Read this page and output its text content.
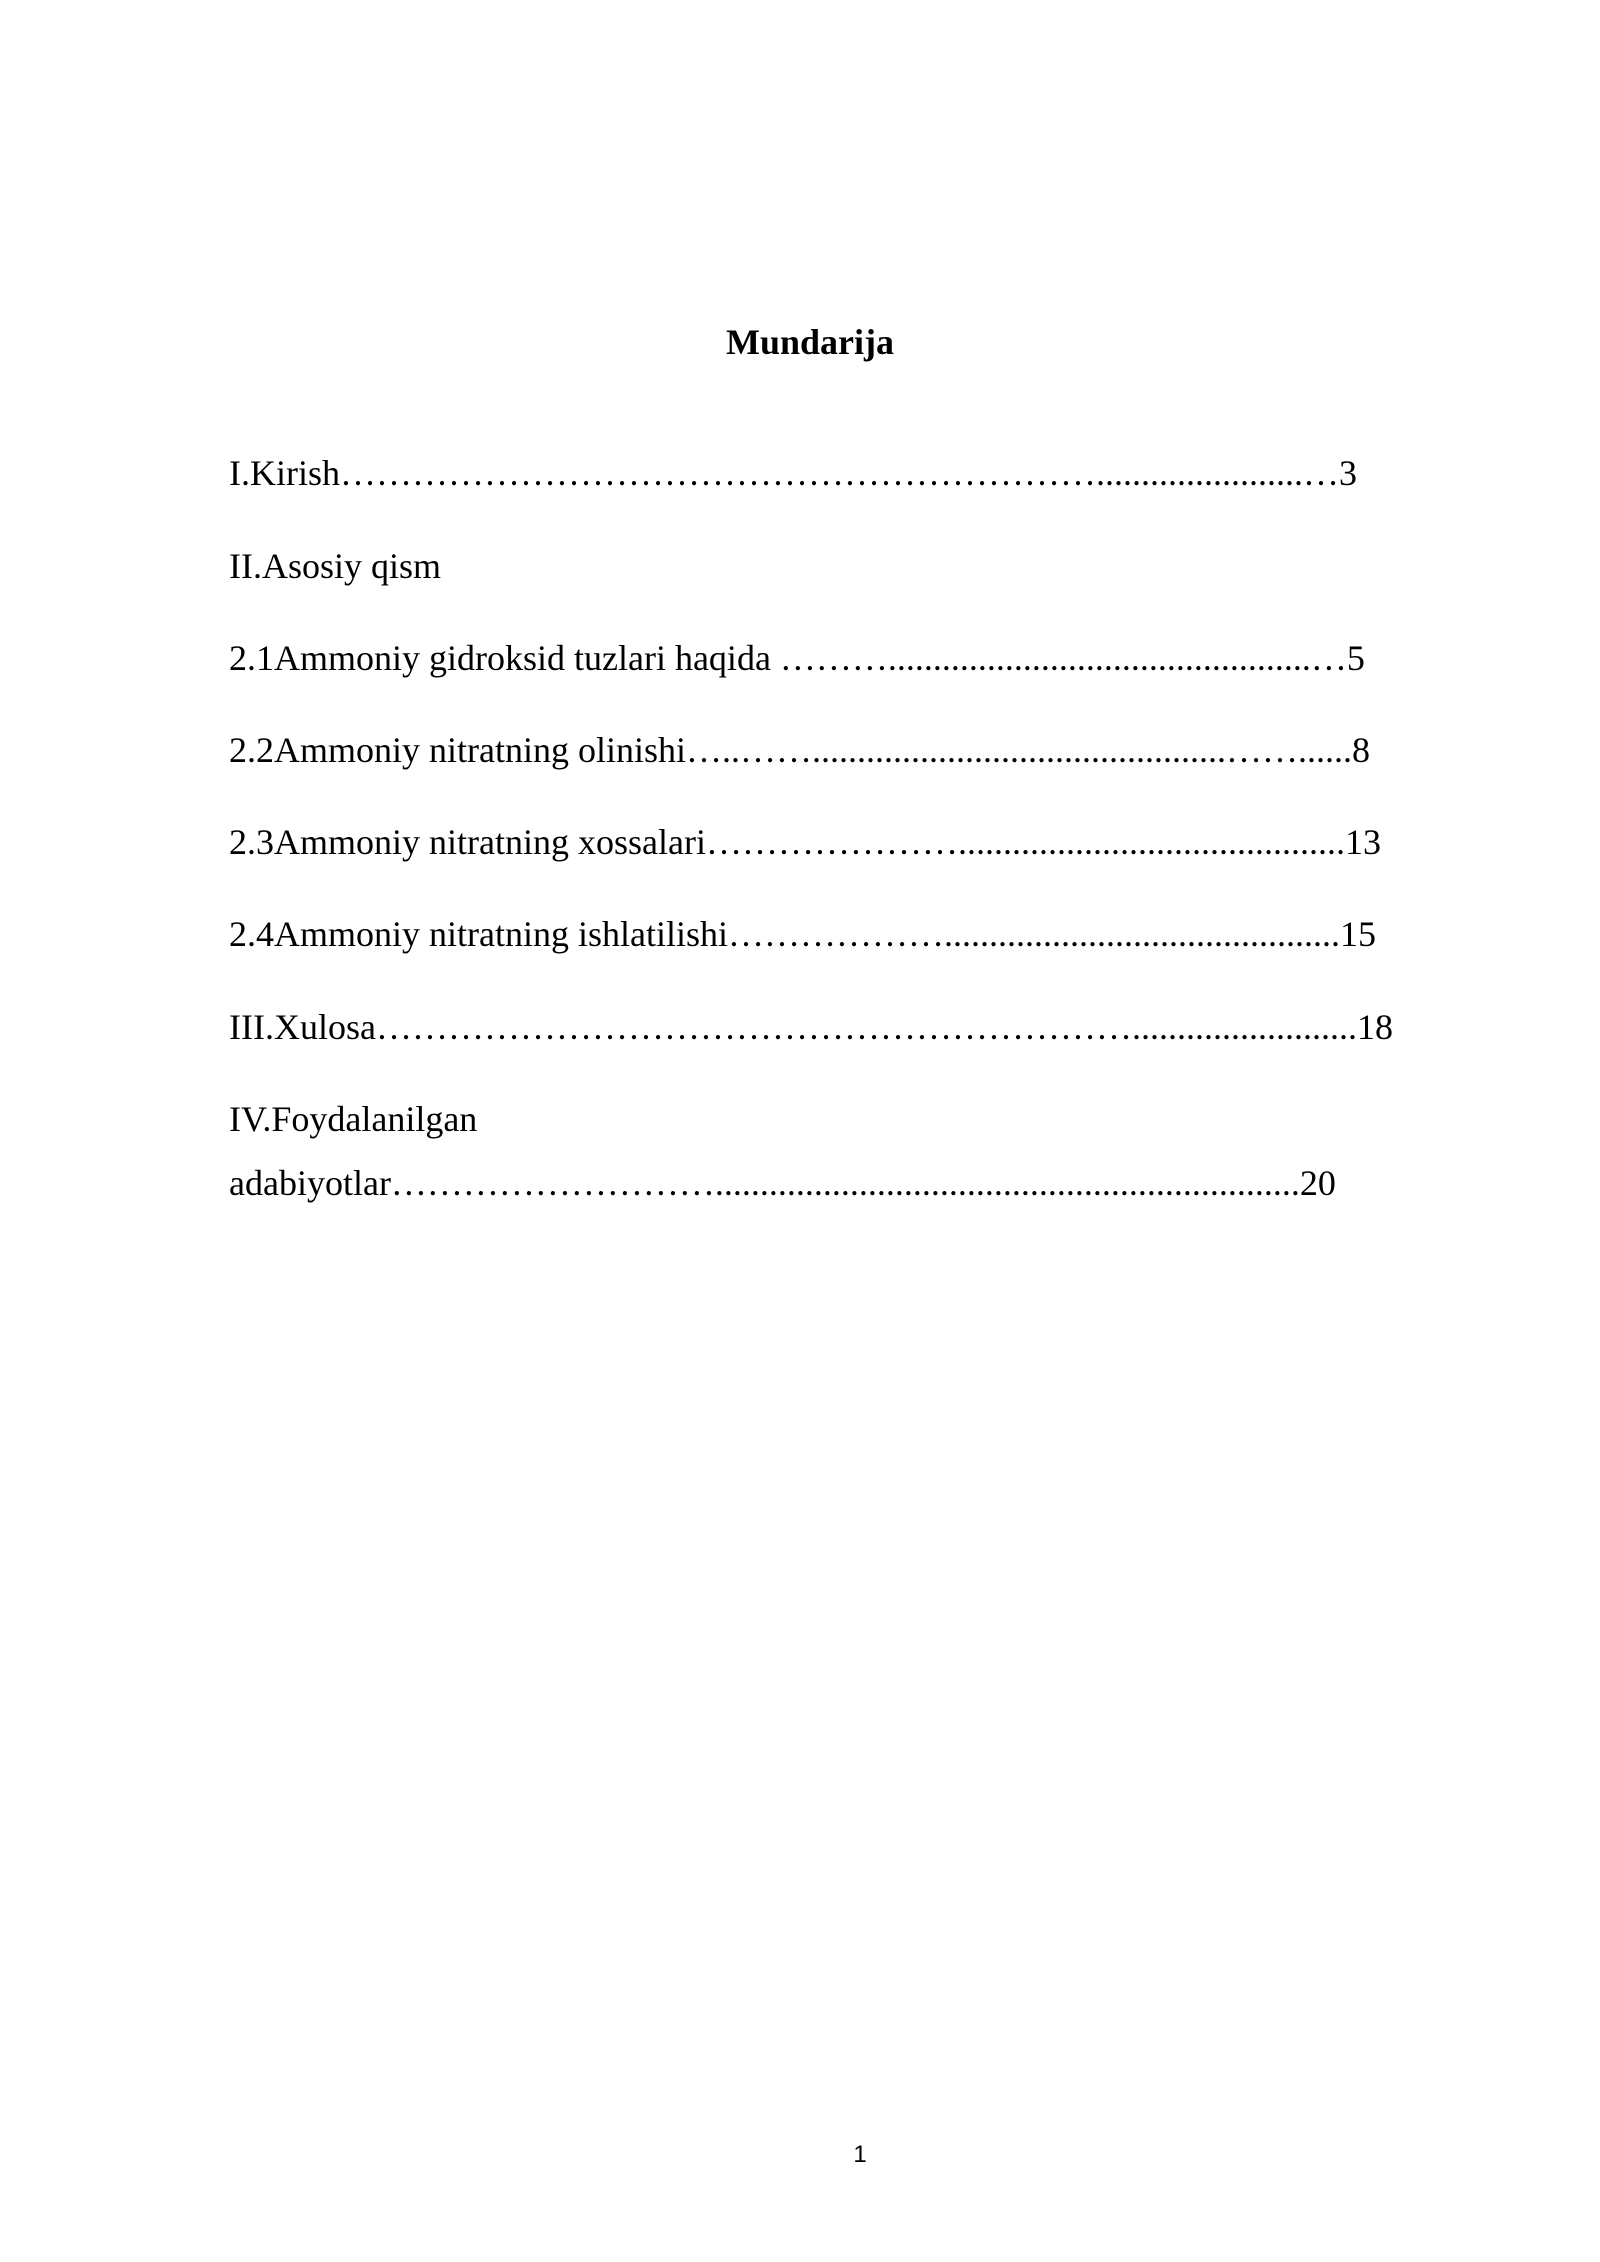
Mundarija
I.Kirish……………………………………………………….......................…3
II.Asosiy qism
2.1Ammoniy gidroksid tuzlari haqida ………...............................................…5
2.2Ammoniy nitratning olinishi…..……..............................................……......8
2.3Ammoniy nitratning xossalari…………………...........................................13
2.4Ammoniy nitratning ishlatilishi………………............................................15
III.Xulosa……………………………………………………….........................18
IV.Foydalanilgan
adabiyotlar……………………….................................................................20
1
